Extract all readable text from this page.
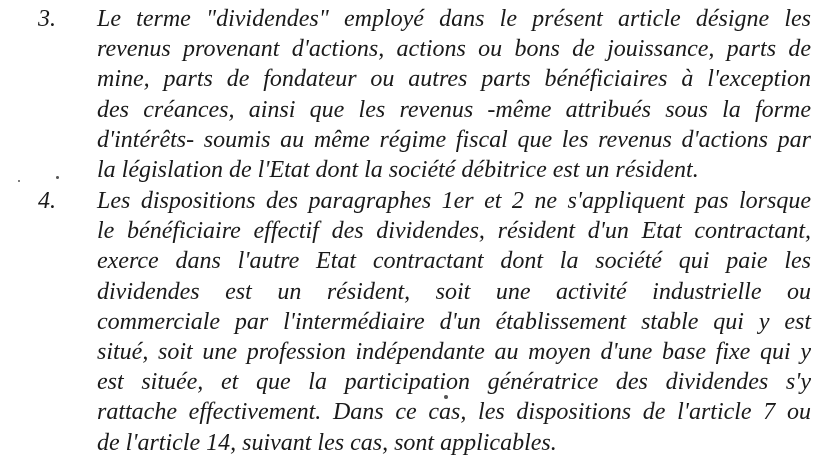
3. Le terme "dividendes" employé dans le présent article désigne les
revenus provenant d'actions, actions ou bons de jouissance, parts de
mine, parts de fondateur ou autres parts bénéficiaires à l'exception
des créances, ainsi que les revenus -même attribués sous la forme
d'intérêts- soumis au même régime fiscal que les revenus d'actions par
la législation de l'Etat dont la société débitrice est un résident.
4. Les dispositions des paragraphes 1er et 2 ne s'appliquent pas lorsque
le bénéficiaire effectif des dividendes, résident d'un Etat contractant,
exerce dans l'autre Etat contractant dont la société qui paie les
dividendes est un résident, soit une activité industrielle ou
commerciale par l'intermédiaire d'un établissement stable qui y est
situé, soit une profession indépendante au moyen d'une base fixe qui y
est située, et que la participation génératrice des dividendes s'y
rattache effectivement. Dans ce cas, les dispositions de l'article 7 ou
de l'article 14, suivant les cas, sont applicables.
